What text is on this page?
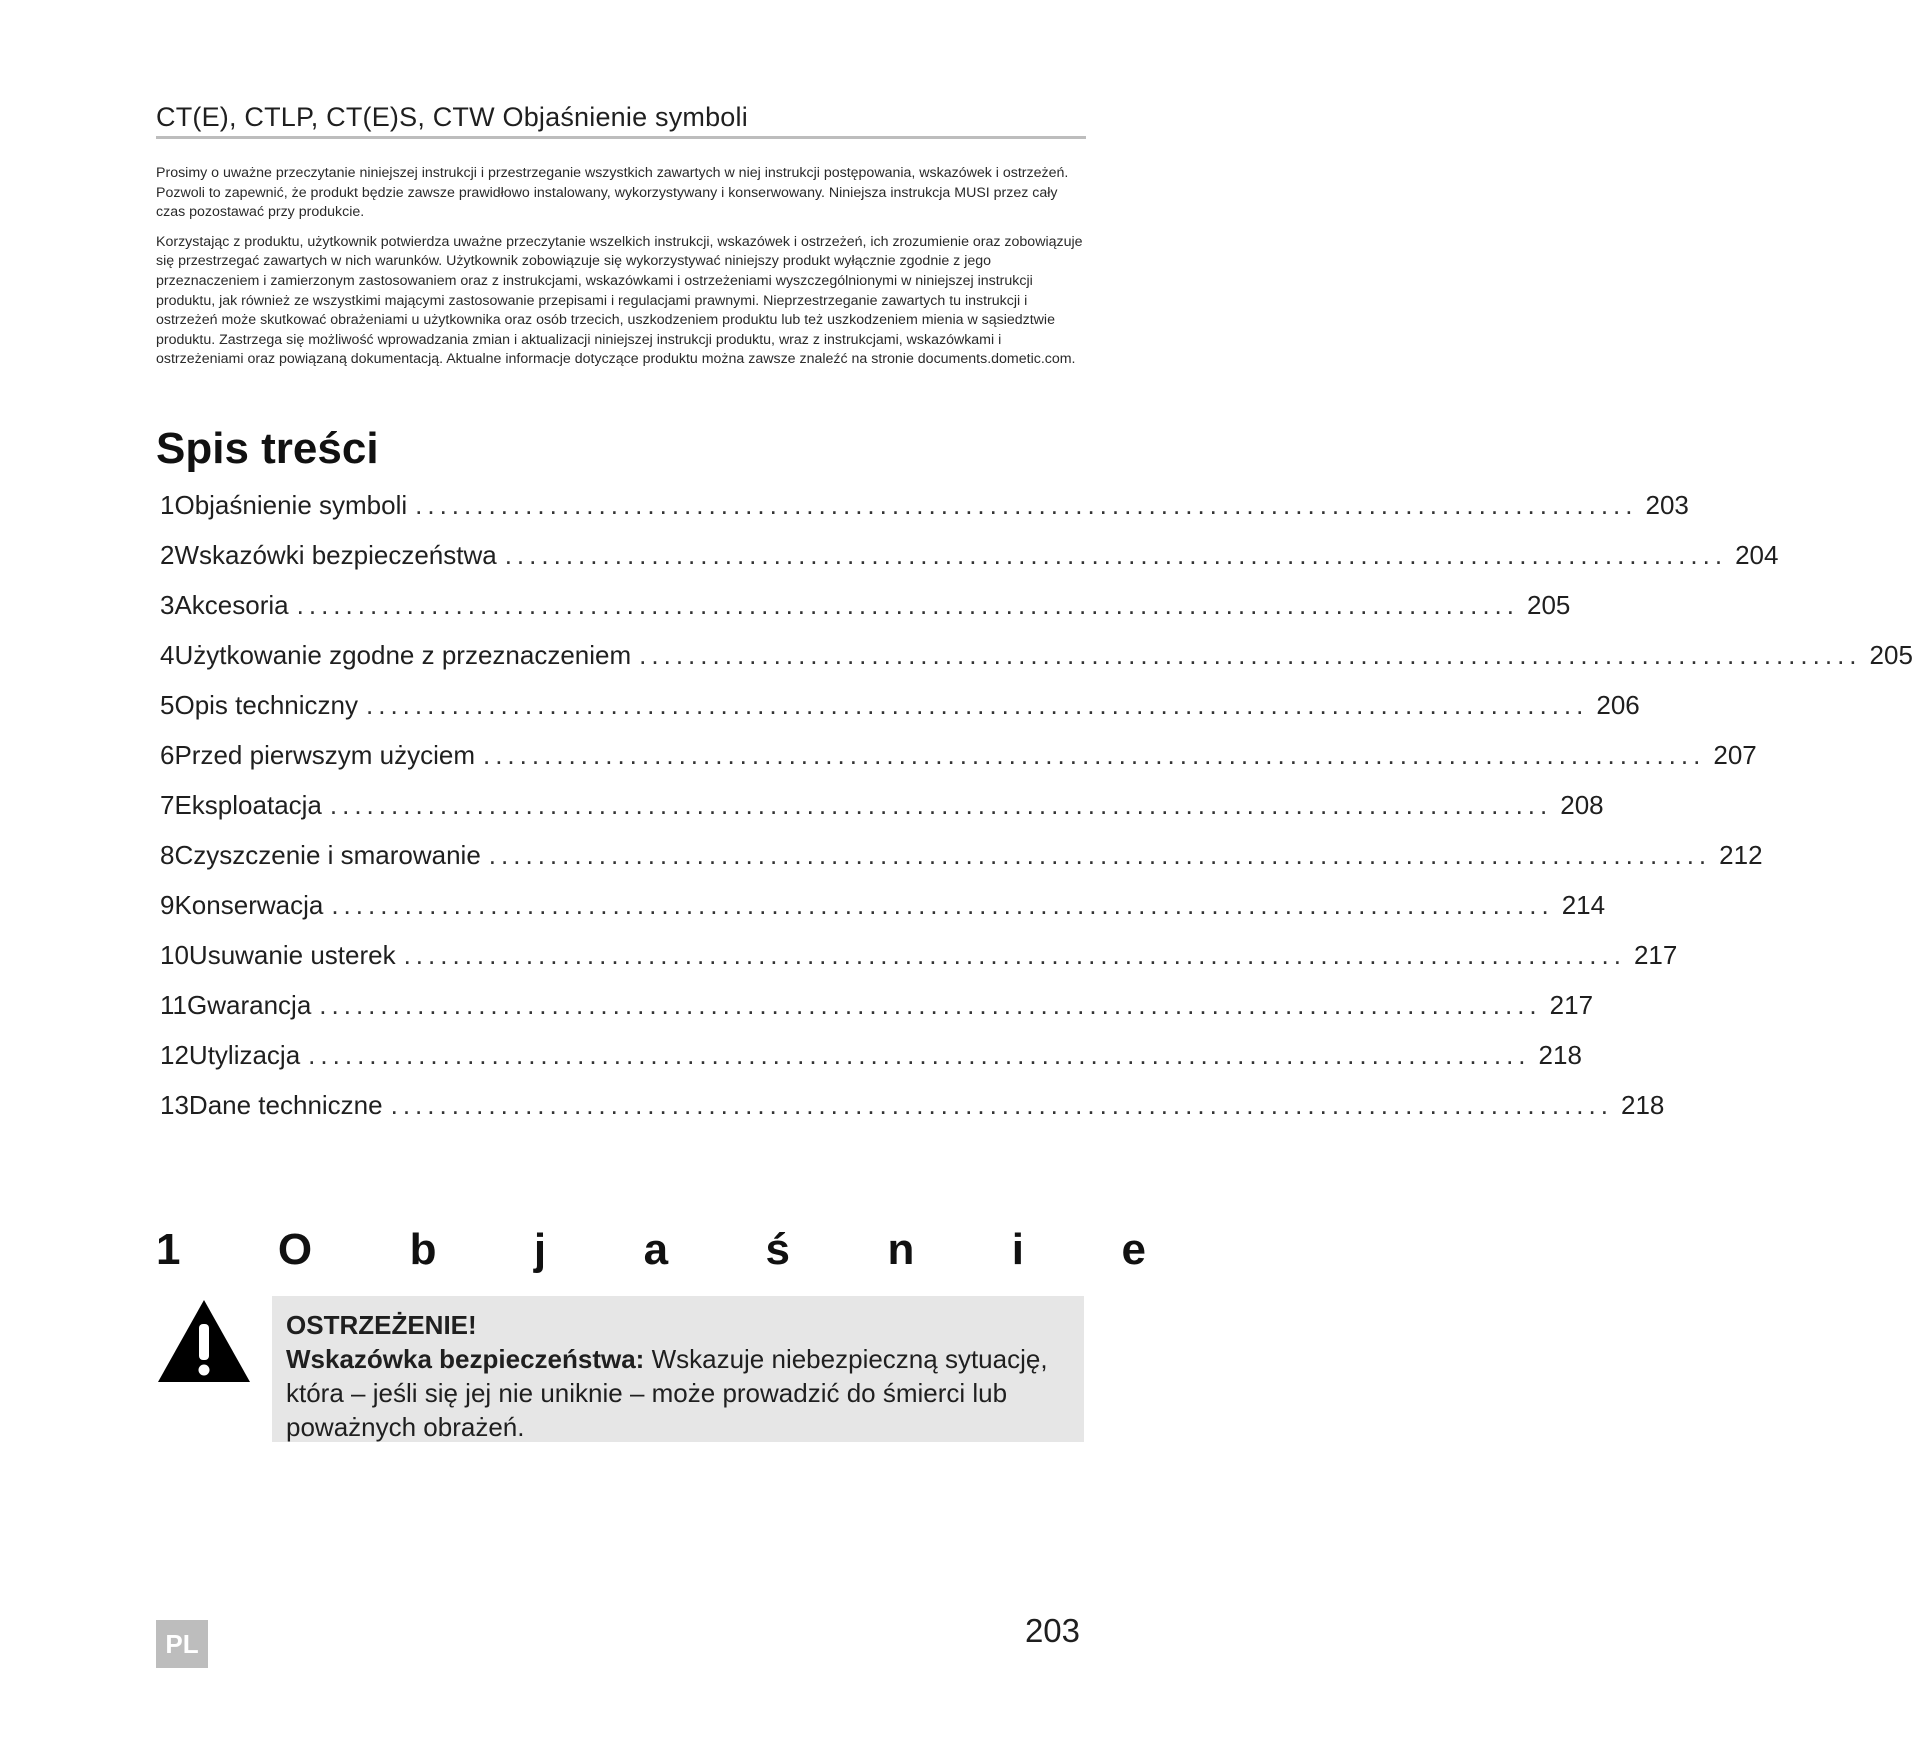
CT(E), CTLP, CT(E)S, CTW Objaśnienie symboli

Prosimy o uważne przeczytanie niniejszej instrukcji i przestrzeganie wszystkich zawartych w niej instrukcji postępowania, wskazówek i ostrzeżeń. Pozwoli to zapewnić, że produkt będzie zawsze prawidłowo instalowany, wykorzystywany i konserwowany. Niniejsza instrukcja MUSI przez cały czas pozostawać przy produkcie.

Korzystając z produktu, użytkownik potwierdza uważne przeczytanie wszelkich instrukcji, wskazówek i ostrzeżeń, ich zrozumienie oraz zobowiązuje się przestrzegać zawartych w nich warunków. Użytkownik zobowiązuje się wykorzystywać niniejszy produkt wyłącznie zgodnie z jego przeznaczeniem i zamierzonym zastosowaniem oraz z instrukcjami, wskazówkami i ostrzeżeniami wyszczególnionymi w niniejszej instrukcji produktu, jak również ze wszystkimi mającymi zastosowanie przepisami i regulacjami prawnymi. Nieprzestrzeganie zawartych tu instrukcji i ostrzeżeń może skutkować obrażeniami u użytkownika oraz osób trzecich, uszkodzeniem produktu lub też uszkodzeniem mienia w sąsiedztwie produktu. Zastrzega się możliwość wprowadzania zmian i aktualizacji niniejszej instrukcji produktu, wraz z instrukcjami, wskazówkami i ostrzeżeniami oraz powiązaną dokumentacją. Aktualne informacje dotyczące produktu można zawsze znaleźć na stronie documents.dometic.com.

Spis treści
1 Objaśnienie symboli .................................................................................................... 203
2 Wskazówki bezpieczeństwa .................................................................................................... 204
3 Akcesoria .................................................................................................... 205
4 Użytkowanie zgodne z przeznaczeniem .................................................................................................... 205
5 Opis techniczny .................................................................................................... 206
6 Przed pierwszym użyciem .................................................................................................... 207
7 Eksploatacja .................................................................................................... 208
8 Czyszczenie i smarowanie .................................................................................................... 212
9 Konserwacja .................................................................................................... 214
10 Usuwanie usterek .................................................................................................... 217
11 Gwarancja .................................................................................................... 217
12 Utylizacja .................................................................................................... 218
13 Dane techniczne .................................................................................................... 218
1 O b j a ś n i e
OSTRZEŻENIE!
Wskazówka bezpieczeństwa: Wskazuje niebezpieczną sytuację, która – jeśli się jej nie uniknie – może prowadzić do śmierci lub poważnych obrażeń.
PL	203
